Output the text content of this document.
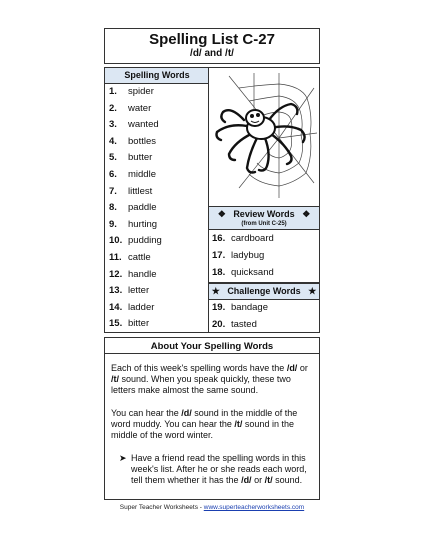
Spelling List C-27
/d/ and /t/
Spelling Words
1. spider
2. water
3. wanted
4. bottles
5. butter
6. middle
7. littlest
8. paddle
9. hurting
10. pudding
11. cattle
12. handle
13. letter
14. ladder
15. bitter
❖ Review Words ❖
(from Unit C-25)
16. cardboard
17. ladybug
18. quicksand
★ Challenge Words ★
19. bandage
20. tasted
About Your Spelling Words

Each of this week's spelling words have the /d/ or /t/ sound. When you speak quickly, these two letters make almost the same sound.

You can hear the /d/ sound in the middle of the word muddy. You can hear the /t/ sound in the middle of the word winter.

➤ Have a friend read the spelling words in this week's list. After he or she reads each word, tell them whether it has the /d/ or /t/ sound.

Super Teacher Worksheets - www.superteacherworksheets.com
